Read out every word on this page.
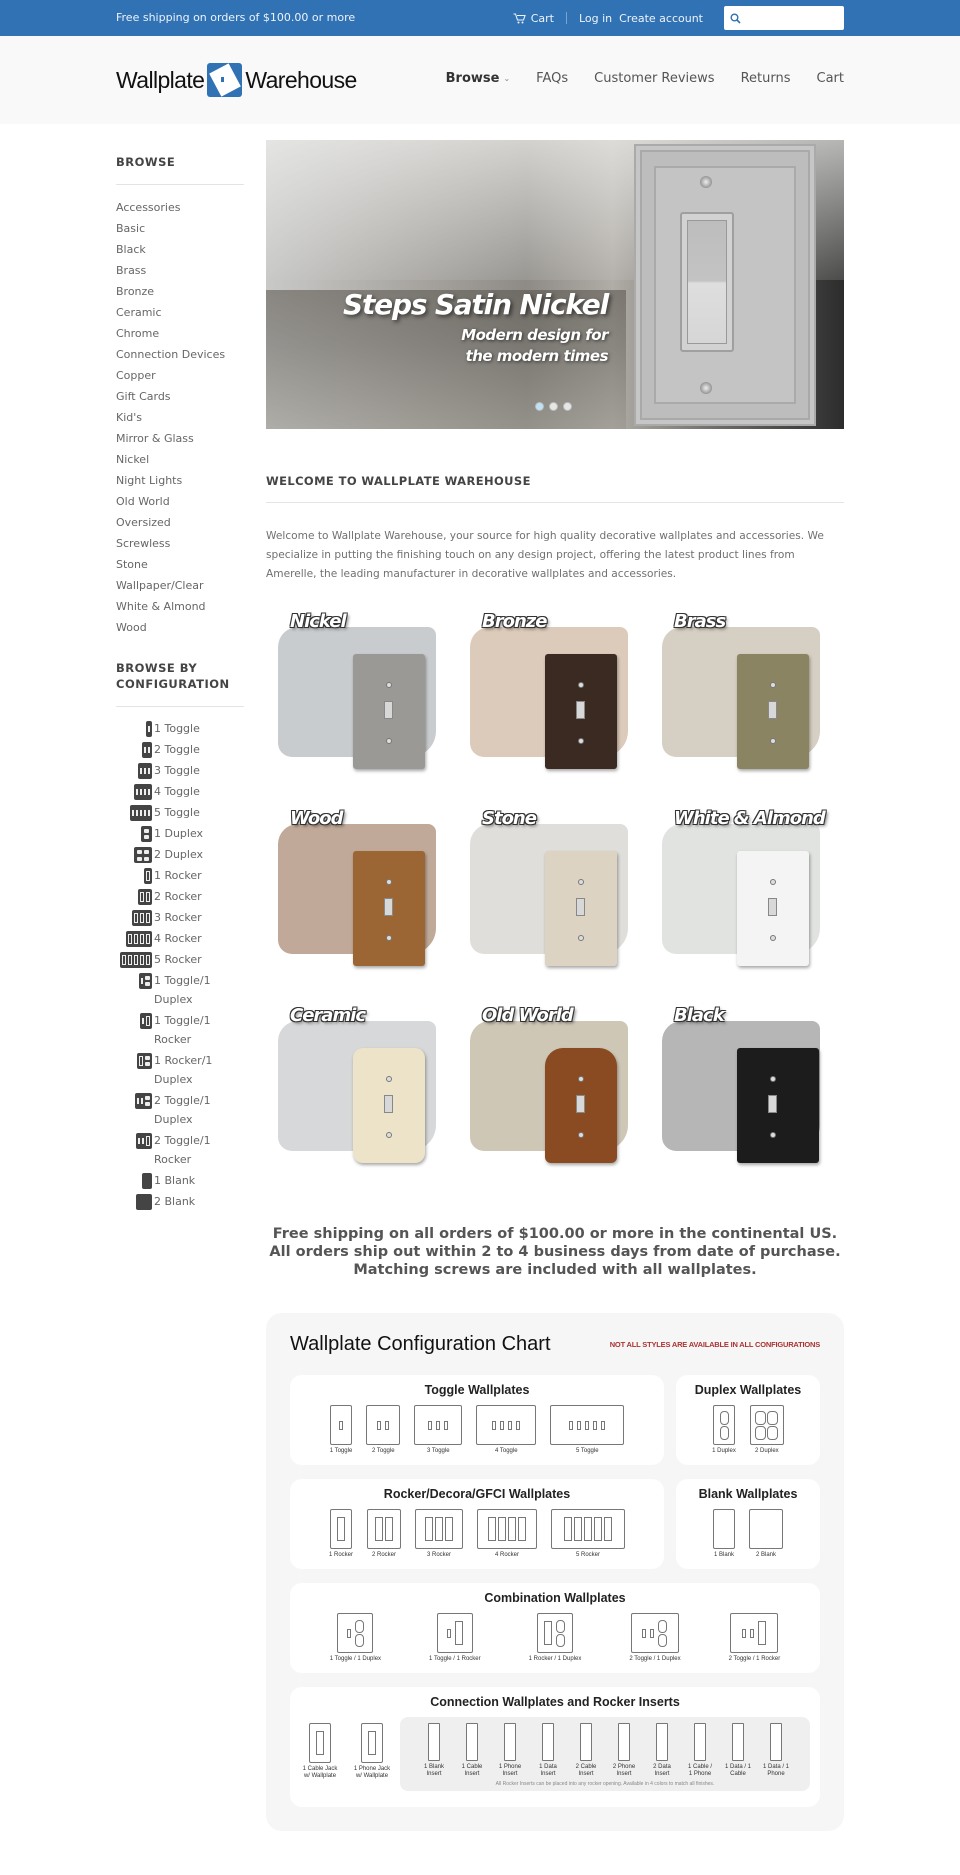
Free shipping on orders of $100.00 or more	Cart Log in Create account
Wallplate Warehouse	Browse ⌄ FAQs Customer Reviews Returns Cart
BROWSE
Accessories
Basic
Black
Brass
Bronze
Ceramic
Chrome
Connection Devices
Copper
Gift Cards
Kid's
Mirror & Glass
Nickel
Night Lights
Old World
Oversized
Screwless
Stone
Wallpaper/Clear
White & Almond
Wood
BROWSE BY CONFIGURATION
1 Toggle
2 Toggle
3 Toggle
4 Toggle
5 Toggle
1 Duplex
2 Duplex
1 Rocker
2 Rocker
3 Rocker
4 Rocker
5 Rocker
1 Toggle/1 Duplex
1 Toggle/1 Rocker
1 Rocker/1 Duplex
2 Toggle/1 Duplex
2 Toggle/1 Rocker
1 Blank
2 Blank
Steps Satin Nickel
Modern design for
the modern times
WELCOME TO WALLPLATE WAREHOUSE

Welcome to Wallplate Warehouse, your source for high quality decorative wallplates and accessories. We specialize in putting the finishing touch on any design project, offering the latest product lines from Amerelle, the leading manufacturer in decorative wallplates and accessories.

Nickel	Bronze	Brass
Wood	Stone	White & Almond
Ceramic	Old World	Black
Free shipping on all orders of $100.00 or more in the continental US.
All orders ship out within 2 to 4 business days from date of purchase.
Matching screws are included with all wallplates.
Wallplate Configuration Chart	NOT ALL STYLES ARE AVAILABLE IN ALL CONFIGURATIONS
Toggle Wallplates
1 Toggle	2 Toggle	3 Toggle	4 Toggle	5 Toggle
Duplex Wallplates
1 Duplex	2 Duplex
Rocker/Decora/GFCI Wallplates
1 Rocker	2 Rocker	3 Rocker	4 Rocker	5 Rocker
Blank Wallplates
1 Blank	2 Blank
Combination Wallplates
1 Toggle / 1 Duplex	1 Toggle / 1 Rocker	1 Rocker / 1 Duplex	2 Toggle / 1 Duplex	2 Toggle / 1 Rocker
Connection Wallplates and Rocker Inserts
1 Cable Jack w/ Wallplate
1 Phone Jack w/ Wallplate
1 Blank Insert
1 Cable Insert
1 Phone Insert
1 Data Insert
2 Cable Insert
2 Phone Insert
2 Data Insert
1 Cable / 1 Phone
1 Data / 1 Cable
1 Data / 1 Phone
All Rocker Inserts can be placed into any rocker opening. Available in 4 colors to match all finishes.
